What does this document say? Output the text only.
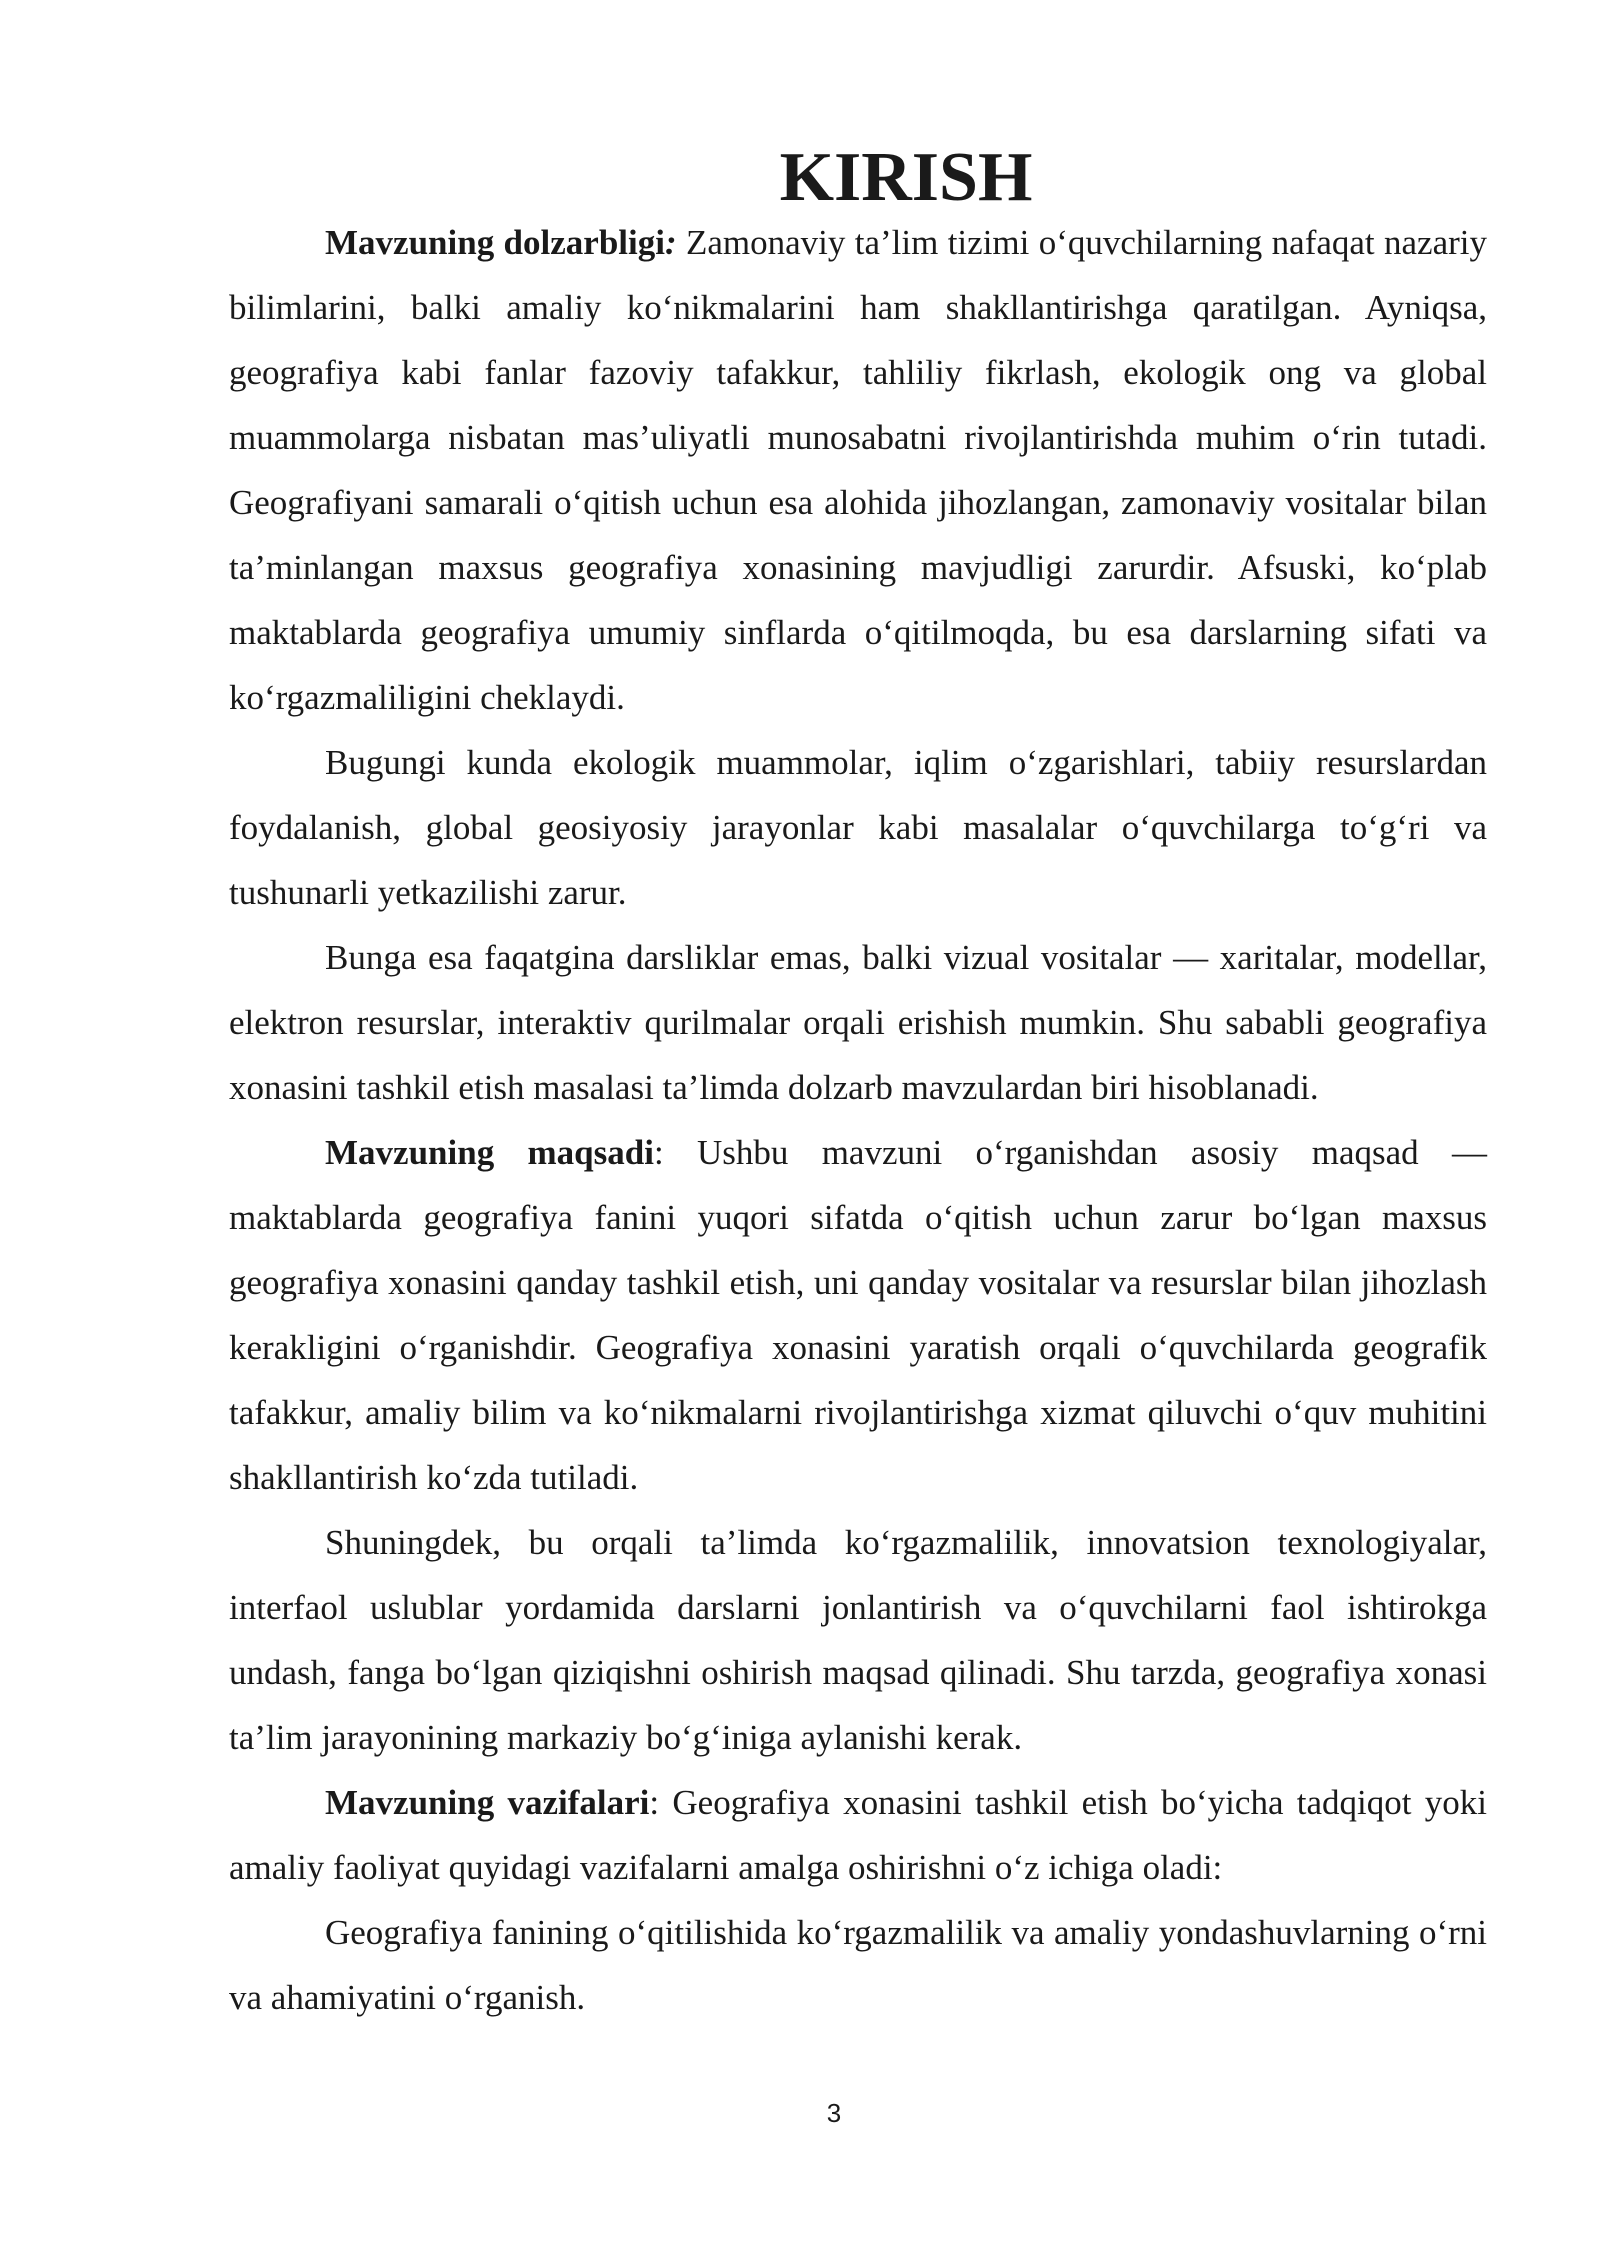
KIRISH

Mavzuning dolzarbligi: Zamonaviy ta’lim tizimi o‘quvchilarning nafaqat nazariy bilimlarini, balki amaliy ko‘nikmalarini ham shakllantirishga qaratilgan. Ayniqsa, geografiya kabi fanlar fazoviy tafakkur, tahliliy fikrlash, ekologik ong va global muammolarga nisbatan mas’uliyatli munosabatni rivojlantirishda muhim o‘rin tutadi. Geografiyani samarali o‘qitish uchun esa alohida jihozlangan, zamonaviy vositalar bilan ta’minlangan maxsus geografiya xonasining mavjudligi zarurdir. Afsuski, ko‘plab maktablarda geografiya umumiy sinflarda o‘qitilmoqda, bu esa darslarning sifati va ko‘rgazmaliligini cheklaydi.

Bugungi kunda ekologik muammolar, iqlim o‘zgarishlari, tabiiy resurslardan foydalanish, global geosiyosiy jarayonlar kabi masalalar o‘quvchilarga to‘g‘ri va tushunarli yetkazilishi zarur.

Bunga esa faqatgina darsliklar emas, balki vizual vositalar — xaritalar, modellar, elektron resurslar, interaktiv qurilmalar orqali erishish mumkin. Shu sababli geografiya xonasini tashkil etish masalasi ta’limda dolzarb mavzulardan biri hisoblanadi.

Mavzuning maqsadi: Ushbu mavzuni o‘rganishdan asosiy maqsad — maktablarda geografiya fanini yuqori sifatda o‘qitish uchun zarur bo‘lgan maxsus geografiya xonasini qanday tashkil etish, uni qanday vositalar va resurslar bilan jihozlash kerakligini o‘rganishdir. Geografiya xonasini yaratish orqali o‘quvchilarda geografik tafakkur, amaliy bilim va ko‘nikmalarni rivojlantirishga xizmat qiluvchi o‘quv muhitini shakllantirish ko‘zda tutiladi.

Shuningdek, bu orqali ta’limda ko‘rgazmalilik, innovatsion texnologiyalar, interfaol uslublar yordamida darslarni jonlantirish va o‘quvchilarni faol ishtirokga undash, fanga bo‘lgan qiziqishni oshirish maqsad qilinadi. Shu tarzda, geografiya xonasi ta’lim jarayonining markaziy bo‘g‘iniga aylanishi kerak.

Mavzuning vazifalari: Geografiya xonasini tashkil etish bo‘yicha tadqiqot yoki amaliy faoliyat quyidagi vazifalarni amalga oshirishni o‘z ichiga oladi:

Geografiya fanining o‘qitilishida ko‘rgazmalilik va amaliy yondashuvlarning o‘rni va ahamiyatini o‘rganish.

3
